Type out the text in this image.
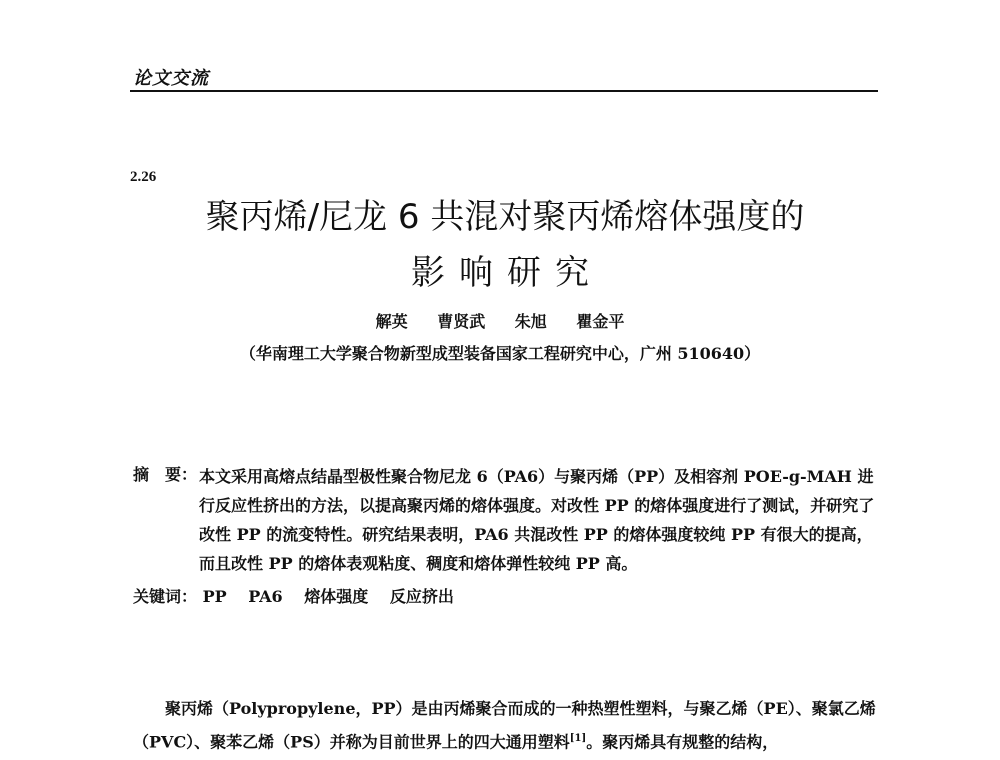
论文交流
2.26
聚丙烯/尼龙 6 共混对聚丙烯熔体强度的
影响研究
解英 曹贤武 朱旭 瞿金平
（华南理工大学聚合物新型成型装备国家工程研究中心，广州 510640）
摘　要： 本文采用高熔点结晶型极性聚合物尼龙 6（PA6）与聚丙烯（PP）及相容剂 POE-g-MAH 进行反应性挤出的方法，以提高聚丙烯的熔体强度。对改性 PP 的熔体强度进行了测试，并研究了改性 PP 的流变特性。研究结果表明，PA6 共混改性 PP 的熔体强度较纯 PP 有很大的提高，而且改性 PP 的熔体表观粘度、稠度和熔体弹性较纯 PP 高。
关键词： PP PA6 熔体强度 反应挤出

聚丙烯（Polypropylene，PP）是由丙烯聚合而成的一种热塑性塑料，与聚乙烯（PE）、聚氯乙烯（PVC）、聚苯乙烯（PS）并称为目前世界上的四大通用塑料[1]。聚丙烯具有规整的结构，
